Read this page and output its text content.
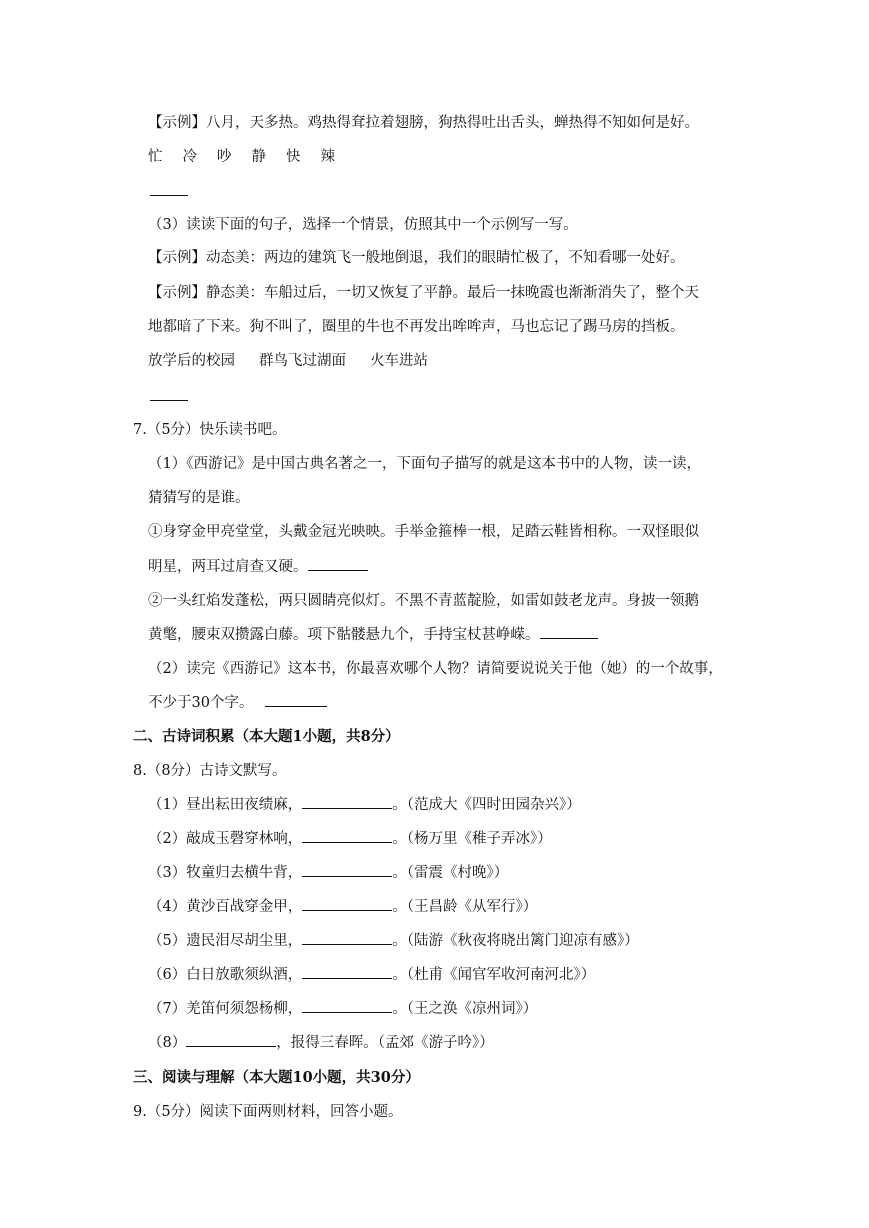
【示例】八月，天多热。鸡热得耷拉着翅膀，狗热得吐出舌头，蝉热得不知如何是好。
忙 冷 吵 静 快 辣
（3）读读下面的句子，选择一个情景，仿照其中一个示例写一写。
【示例】动态美：两边的建筑飞一般地倒退，我们的眼睛忙极了，不知看哪一处好。
【示例】静态美：车船过后，一切又恢复了平静。最后一抹晚霞也渐渐消失了，整个天
地都暗了下来。狗不叫了，圈里的牛也不再发出哞哞声，马也忘记了踢马房的挡板。
放学后的校园 群鸟飞过湖面 火车进站
7.（5分）快乐读书吧。
（1）《西游记》是中国古典名著之一，下面句子描写的就是这本书中的人物，读一读，
猜猜写的是谁。
①身穿金甲亮堂堂，头戴金冠光映映。手举金箍棒一根，足踏云鞋皆相称。一双怪眼似
明星，两耳过肩查又硬。
②一头红焰发蓬松，两只圆睛亮似灯。不黑不青蓝靛脸，如雷如鼓老龙声。身披一领鹅
黄氅，腰束双攒露白藤。项下骷髅悬九个，手持宝杖甚峥嵘。
（2）读完《西游记》这本书，你最喜欢哪个人物？请简要说说关于他（她）的一个故事，
不少于30个字。
二、古诗词积累（本大题1小题，共8分）
8.（8分）古诗文默写。
（1）昼出耘田夜绩麻，	。（范成大《四时田园杂兴》）
（2）敲成玉磬穿林响，	。（杨万里《稚子弄冰》）
（3）牧童归去横牛背，	。（雷震《村晚》）
（4）黄沙百战穿金甲，	。（王昌龄《从军行》）
（5）遗民泪尽胡尘里，	。（陆游《秋夜将晓出篱门迎凉有感》）
（6）白日放歌须纵酒，	。（杜甫《闻官军收河南河北》）
（7）羌笛何须怨杨柳，	。（王之涣《凉州词》）
（8）	，报得三春晖。（孟郊《游子吟》）
三、阅读与理解（本大题10小题，共30分）
9.（5分）阅读下面两则材料，回答小题。
